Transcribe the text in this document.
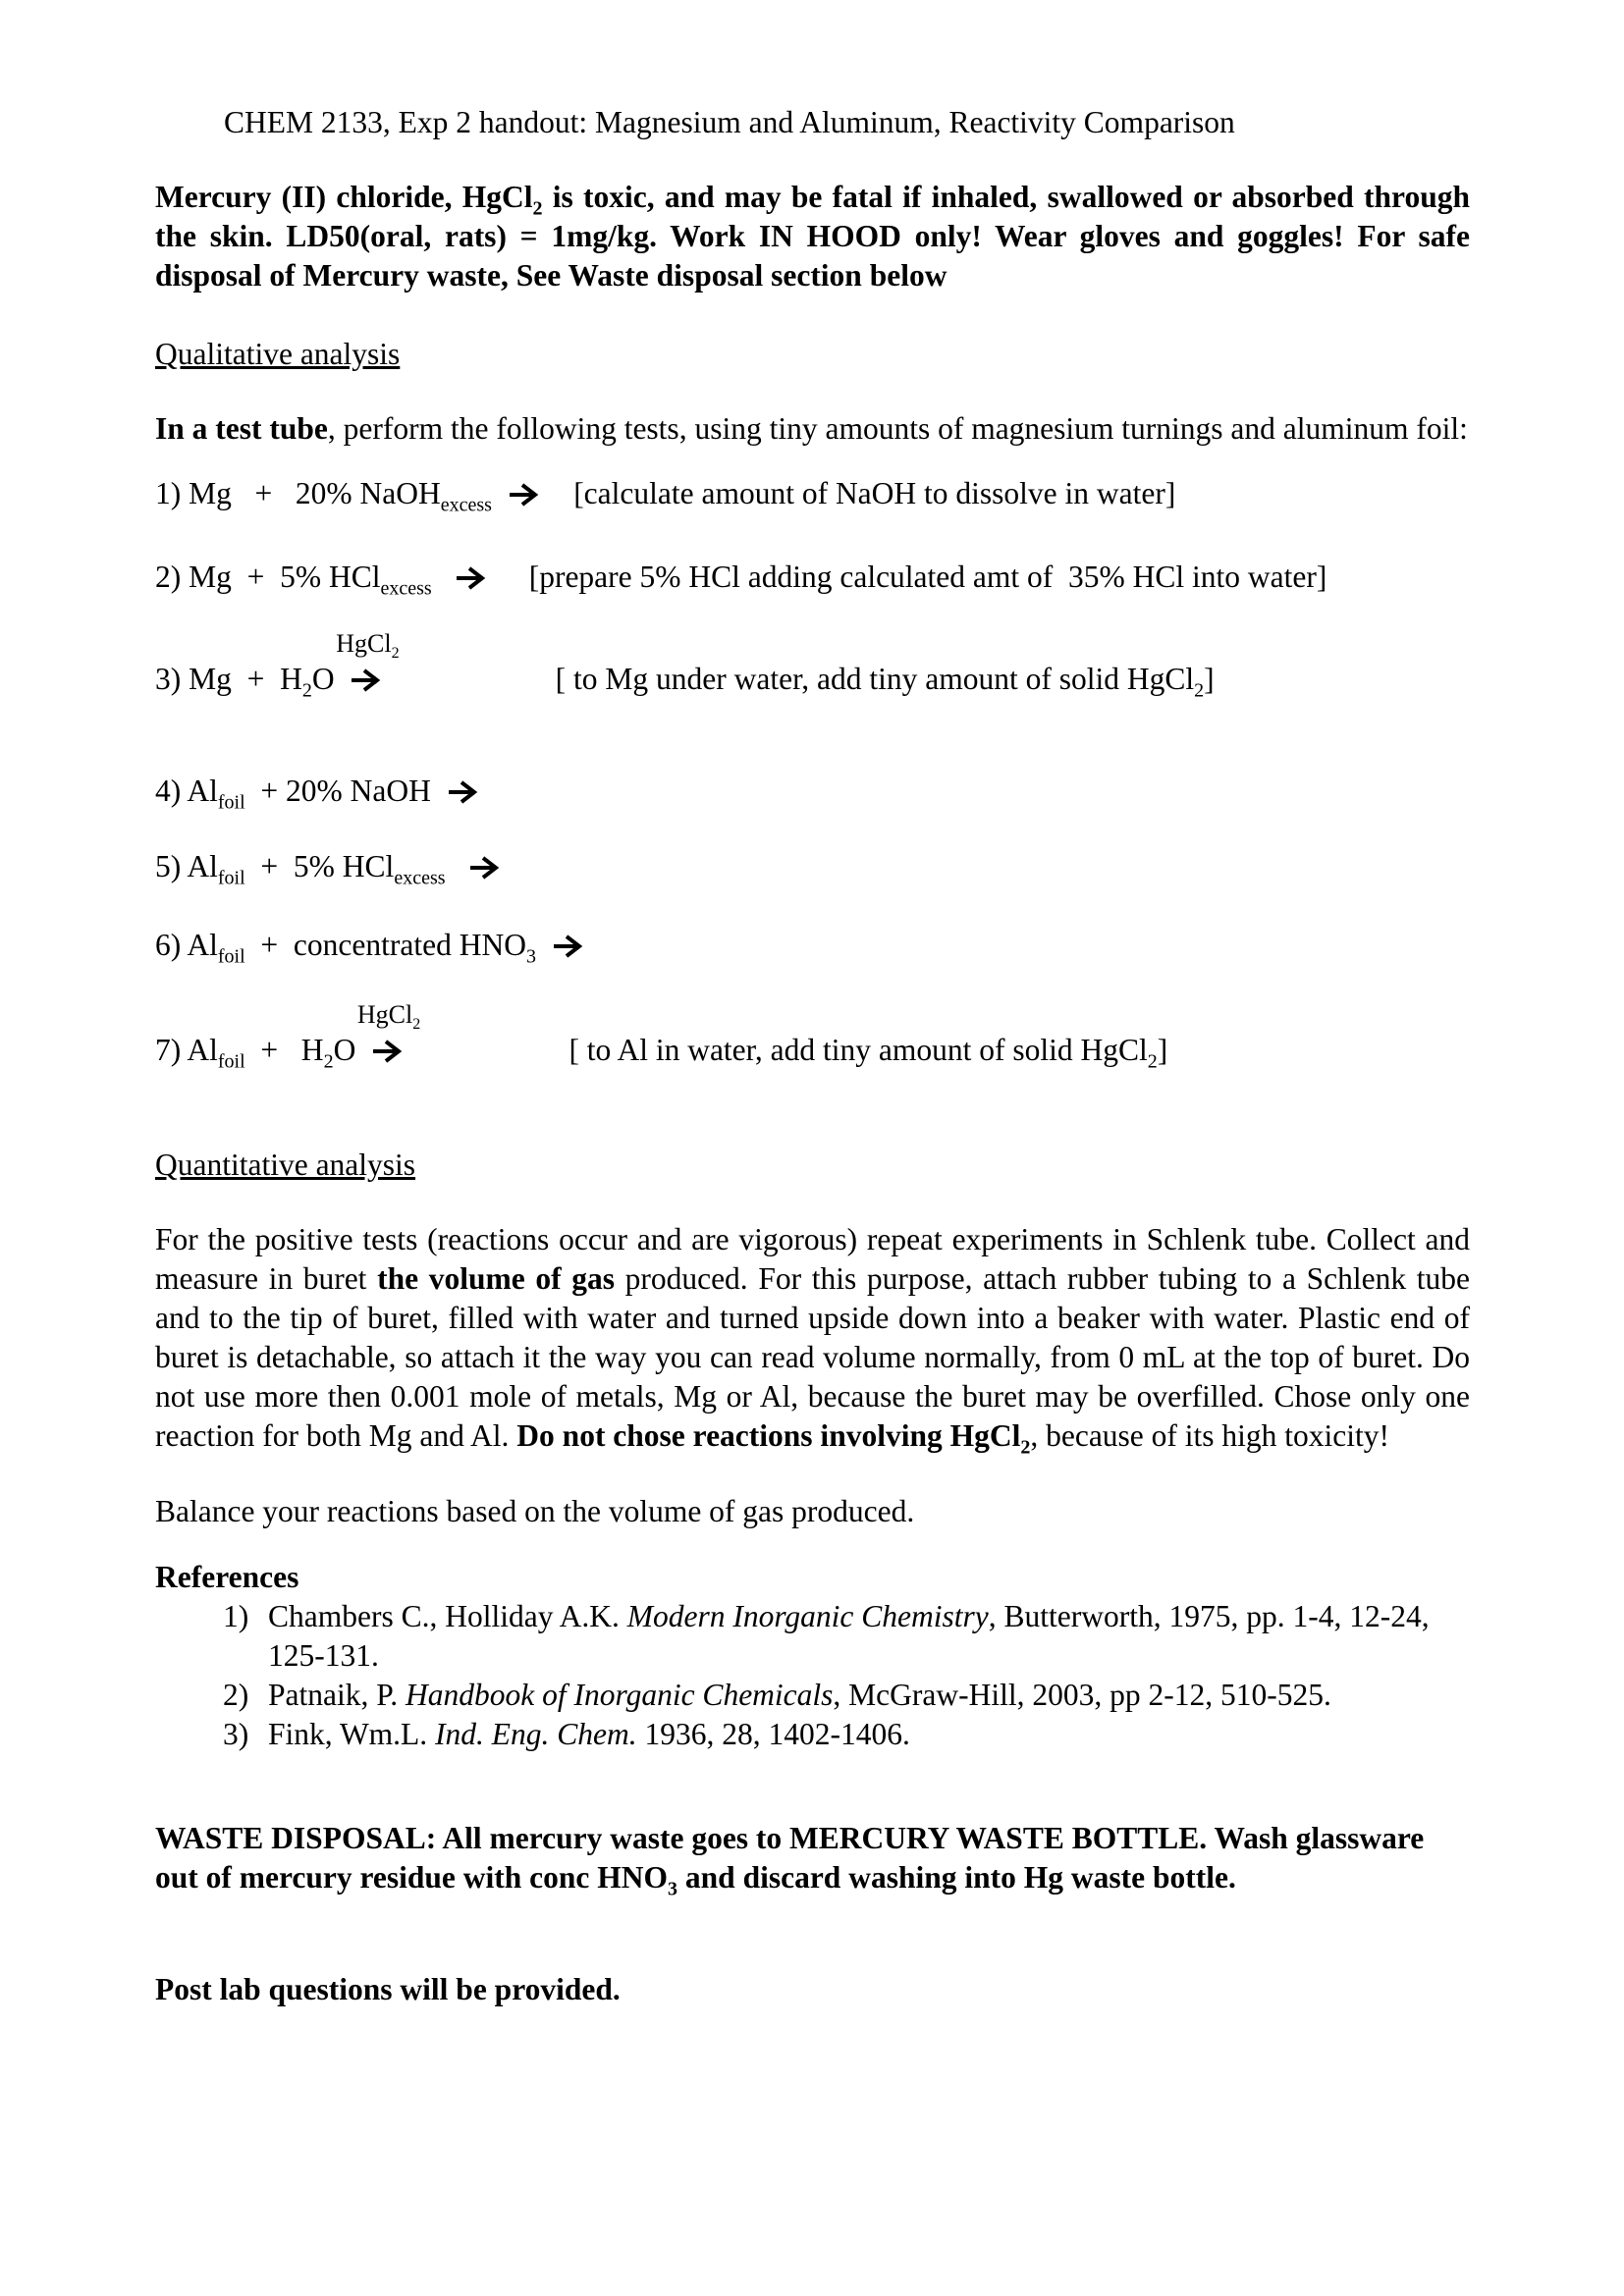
CHEM 2133, Exp 2 handout: Magnesium and Aluminum, Reactivity Comparison

Mercury (II) chloride, HgCl$_2$ is toxic, and may be fatal if inhaled, swallowed or absorbed through the skin. LD50(oral, rats) = 1mg/kg. Work IN HOOD only! Wear gloves and goggles! For safe disposal of Mercury waste, See Waste disposal section below

Qualitative analysis

In a test tube, perform the following tests, using tiny amounts of magnesium turnings and aluminum foil:

1) Mg   +   20% NaOH$_{excess}$ → [calculate amount of NaOH to dissolve in water]
2) Mg  +  5% HCl$_{excess}$ → [prepare 5% HCl adding calculated amt of  35% HCl into water]
3) $Mg + H_2O$
HgCl$_2$
[ to Mg under water, add tiny amount of solid HgCl$_2$]
4) $Al_{foil} + 20\%$ NaOH →
5) $Al_{foil} + 5\%$ HCl$_{excess}$ →
6) $Al_{foil}$  +  concentrated $HNO_3$ →
7) $Al_{foil} + H_2O$
HgCl$_2$
[ to Al in water, add tiny amount of solid HgCl$_2$]
Quantitative analysis

For the positive tests (reactions occur and are vigorous) repeat experiments in Schlenk tube. Collect and measure in buret the volume of gas produced. For this purpose, attach rubber tubing to a Schlenk tube and to the tip of buret, filled with water and turned upside down into a beaker with water. Plastic end of buret is detachable, so attach it the way you can read volume normally, from 0 mL at the top of buret. Do not use more then 0.001 mole of metals, Mg or Al, because the buret may be overfilled. Chose only one reaction for both Mg and Al. Do not chose reactions involving HgCl$_2$, because of its high toxicity!

Balance your reactions based on the volume of gas produced.

References
1) Chambers C., Holliday A.K. Modern Inorganic Chemistry, Butterworth, 1975, pp. 1-4, 12-24, 125-131.
2) Patnaik, P. Handbook of Inorganic Chemicals, McGraw-Hill, 2003, pp 2-12, 510-525.
3) Fink, Wm.L. Ind. Eng. Chem. 1936, 28, 1402-1406.

WASTE DISPOSAL: All mercury waste goes to MERCURY WASTE BOTTLE. Wash glassware out of mercury residue with conc $HNO_3$ and discard washing into Hg waste bottle.

Post lab questions will be provided.
